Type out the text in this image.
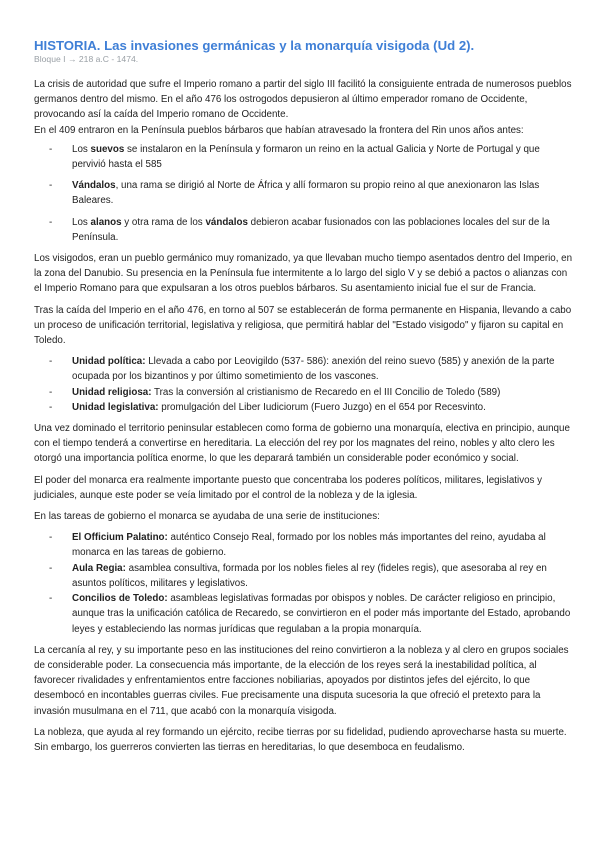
HISTORIA. Las invasiones germánicas y la monarquía visigoda (Ud 2).

Bloque I → 218 a.C - 1474.

La crisis de autoridad que sufre el Imperio romano a partir del siglo III facilitó la consiguiente entrada de numerosos pueblos germanos dentro del mismo. En el año 476 los ostrogodos depusieron al último emperador romano de Occidente, provocando así la caída del Imperio romano de Occidente.

En el 409 entraron en la Península pueblos bárbaros que habían atravesado la frontera del Rin unos años antes:

- Los suevos se instalaron en la Península y formaron un reino en la actual Galicia y Norte de Portugal y que pervivió hasta el 585
- Vándalos, una rama se dirigió al Norte de África y allí formaron su propio reino al que anexionaron las Islas Baleares.
- Los alanos y otra rama de los vándalos debieron acabar fusionados con las poblaciones locales del sur de la Península.

Los visigodos, eran un pueblo germánico muy romanizado, ya que llevaban mucho tiempo asentados dentro del Imperio, en la zona del Danubio. Su presencia en la Península fue intermitente a lo largo del siglo V y se debió a pactos o alianzas con el Imperio Romano para que expulsaran a los otros pueblos bárbaros. Su asentamiento inicial fue el sur de Francia.

Tras la caída del Imperio en el año 476, en torno al 507 se establecerán de forma permanente en Hispania, llevando a cabo un proceso de unificación territorial, legislativa y religiosa, que permitirá hablar del "Estado visigodo" y fijaron su capital en Toledo.

- Unidad política: Llevada a cabo por Leovigildo (537- 586): anexión del reino suevo (585) y anexión de la parte ocupada por los bizantinos y por último sometimiento de los vascones.
- Unidad religiosa: Tras la conversión al cristianismo de Recaredo en el III Concilio de Toledo (589)
- Unidad legislativa: promulgación del Liber Iudiciorum (Fuero Juzgo) en el 654 por Recesvinto.

Una vez dominado el territorio peninsular establecen como forma de gobierno una monarquía, electiva en principio, aunque con el tiempo tenderá a convertirse en hereditaria. La elección del rey por los magnates del reino, nobles y alto clero les otorgó una importancia política enorme, lo que les deparará también un considerable poder económico y social.

El poder del monarca era realmente importante puesto que concentraba los poderes políticos, militares, legislativos y judiciales, aunque este poder se veía limitado por el control de la nobleza y de la iglesia.

En las tareas de gobierno el monarca se ayudaba de una serie de instituciones:

- El Officium Palatino: auténtico Consejo Real, formado por los nobles más importantes del reino, ayudaba al monarca en las tareas de gobierno.
- Aula Regia: asamblea consultiva, formada por los nobles fieles al rey (fideles regis), que asesoraba al rey en asuntos políticos, militares y legislativos.
- Concilios de Toledo: asambleas legislativas formadas por obispos y nobles. De carácter religioso en principio, aunque tras la unificación católica de Recaredo, se convirtieron en el poder más importante del Estado, aprobando leyes y estableciendo las normas jurídicas que regulaban a la propia monarquía.

La cercanía al rey, y su importante peso en las instituciones del reino convirtieron a la nobleza y al clero en grupos sociales de considerable poder. La consecuencia más importante, de la elección de los reyes será la inestabilidad política, al favorecer rivalidades y enfrentamientos entre facciones nobiliarias, apoyados por distintos jefes del ejército, lo que desembocó en incontables guerras civiles. Fue precisamente una disputa sucesoria la que ofreció el pretexto para la invasión musulmana en el 711, que acabó con la monarquía visigoda.

La nobleza, que ayuda al rey formando un ejército, recibe tierras por su fidelidad, pudiendo aprovecharse hasta su muerte. Sin embargo, los guerreros convierten las tierras en hereditarias, lo que desemboca en feudalismo.
